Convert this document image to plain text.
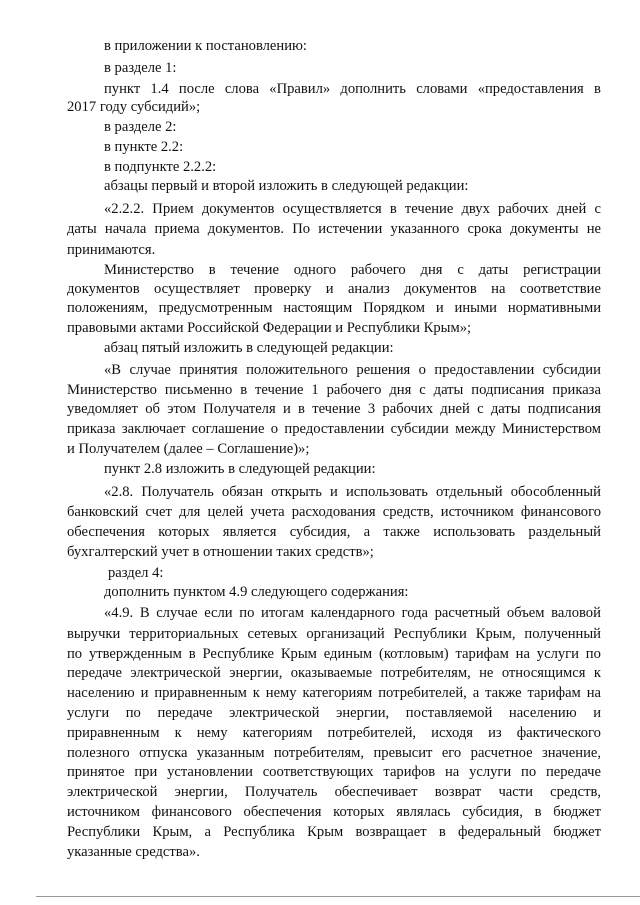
в приложении к постановлению:
в разделе 1:
пункт 1.4 после слова «Правил» дополнить словами «предоставления в
2017 году субсидий»;
в разделе 2:
в пункте 2.2:
в подпункте 2.2.2:
абзацы первый и второй изложить в следующей редакции:
«2.2.2. Прием документов осуществляется в течение двух рабочих дней с
даты начала приема документов. По истечении указанного срока документы не
принимаются.
Министерство в течение одного рабочего дня с даты регистрации
документов осуществляет проверку и анализ документов на соответствие
положениям, предусмотренным настоящим Порядком и иными нормативными
правовыми актами Российской Федерации и Республики Крым»;
абзац пятый изложить в следующей редакции:
«В случае принятия положительного решения о предоставлении субсидии
Министерство письменно в течение 1 рабочего дня с даты подписания приказа
уведомляет об этом Получателя и в течение 3 рабочих дней с даты подписания
приказа заключает соглашение о предоставлении субсидии между Министерством
и Получателем (далее – Соглашение)»;
пункт 2.8 изложить в следующей редакции:
«2.8. Получатель обязан открыть и использовать отдельный обособленный
банковский счет для целей учета расходования средств, источником финансового
обеспечения которых является субсидия, а также использовать раздельный
бухгалтерский учет в отношении таких средств»;
раздел 4:
дополнить пунктом 4.9 следующего содержания:
«4.9. В случае если по итогам календарного года расчетный объем валовой
выручки территориальных сетевых организаций Республики Крым, полученный
по утвержденным в Республике Крым единым (котловым) тарифам на услуги по
передаче электрической энергии, оказываемые потребителям, не относящимся к
населению и приравненным к нему категориям потребителей, а также тарифам на
услуги по передаче электрической энергии, поставляемой населению и
приравненным к нему категориям потребителей, исходя из фактического
полезного отпуска указанным потребителям, превысит его расчетное значение,
принятое при установлении соответствующих тарифов на услуги по передаче
электрической энергии, Получатель обеспечивает возврат части средств,
источником финансового обеспечения которых являлась субсидия, в бюджет
Республики Крым, а Республика Крым возвращает в федеральный бюджет
указанные средства».
